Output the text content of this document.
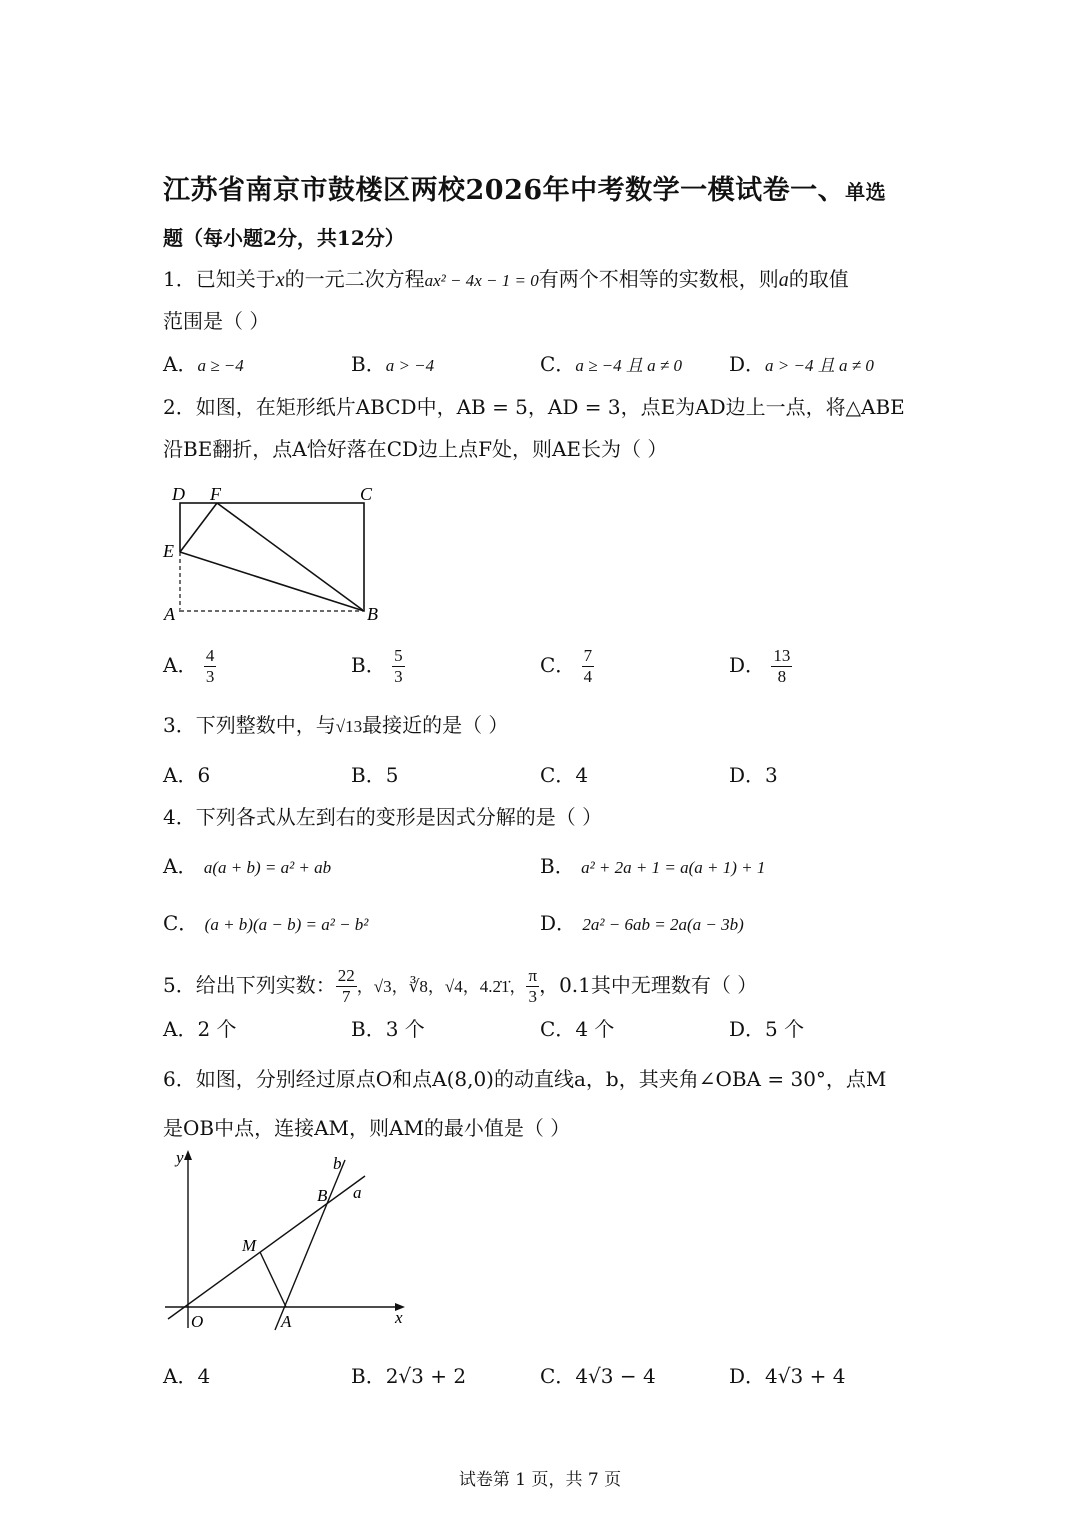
江苏省南京市鼓楼区两校2026年中考数学一模试卷一、单选
题（每小题2分，共12分）
1．已知关于x的一元二次方程ax² − 4x − 1 = 0有两个不相等的实数根，则a的取值
范围是（ ）
A．a ≥ −4	B．a > −4	C．a ≥ −4 且 a ≠ 0 D．a > −4 且 a ≠ 0
2．如图，在矩形纸片ABCD中，AB = 5，AD = 3，点E为AD边上一点，将△ABE
沿BE翻折，点A恰好落在CD边上点F处，则AE长为（ ）
D F	C
E
A	B
A． $\frac{4}{3}$	B． $\frac{5}{3}$	C． $\frac{7}{4}$	D． $\frac{13}{8}$
3．下列整数中，与√13最接近的是（ ）
A．6	B．5	C．4	D．3
4．下列各式从左到右的变形是因式分解的是（ ）
A． a(a + b) = a² + ab	B． a² + 2a + 1 = a(a + 1) + 1
C． (a + b)(a − b) = a² − b²	D． 2a² − 6ab = 2a(a − 3b)
5．给出下列实数： $\frac{22}{7}$ ，√3，∛8，√4，4.2̇1̇， $\frac{\pi}{3}$ ，0.1其中无理数有（ ）
A．2 个	B．3 个	C．4 个	D．5 个
6．如图，分别经过原点O和点A(8,0)的动直线a，b，其夹角∠OBA = 30°，点M
是OB中点，连接AM，则AM的最小值是（ ）
y
x
O	A
B
M
a
b
A．4	B．2√3 + 2	C．4√3 − 4	D．4√3 + 4
试卷第 1 页，共 7 页
